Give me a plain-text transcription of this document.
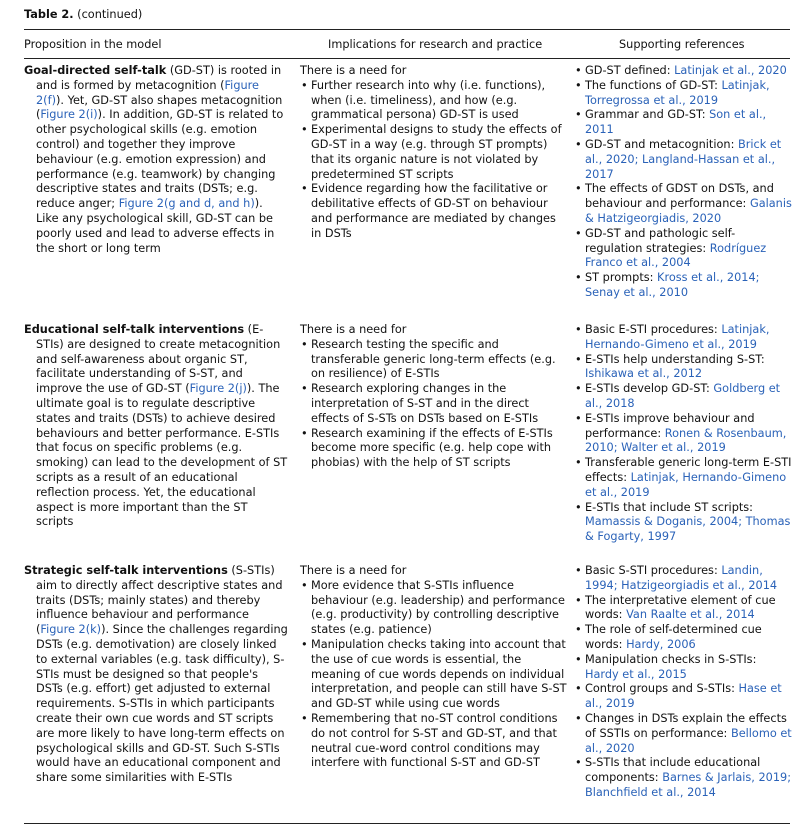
Table 2. (continued)
Proposition in the model	Implications for research and practice	Supporting references
Goal-directed self-talk (GD-ST) is rooted in and is formed by metacognition (Figure 2(f)). Yet, GD-ST also shapes metacognition (Figure 2(i)). In addition, GD-ST is related to other psychological skills (e.g. emotion control) and together they improve behaviour (e.g. emotion expression) and performance (e.g. teamwork) by changing descriptive states and traits (DSTs; e.g. reduce anger; Figure 2(g and d, and h)). Like any psychological skill, GD-ST can be poorly used and lead to adverse effects in the short or long term
There is a need for
• Further research into why (i.e. functions), when (i.e. timeliness), and how (e.g. grammatical persona) GD-ST is used
• Experimental designs to study the effects of GD-ST in a way (e.g. through ST prompts) that its organic nature is not violated by predetermined ST scripts
• Evidence regarding how the facilitative or debilitative effects of GD-ST on behaviour and performance are mediated by changes in DSTs
• GD-ST defined: Latinjak et al., 2020
• The functions of GD-ST: Latinjak, Torregrossa et al., 2019
• Grammar and GD-ST: Son et al., 2011
• GD-ST and metacognition: Brick et al., 2020; Langland-Hassan et al., 2017
• The effects of GDST on DSTs, and behaviour and performance: Galanis & Hatzigeorgiadis, 2020
• GD-ST and pathologic self-regulation strategies: Rodríguez Franco et al., 2004
• ST prompts: Kross et al., 2014; Senay et al., 2010
Educational self-talk interventions (E-STIs) are designed to create metacognition and self-awareness about organic ST, facilitate understanding of S-ST, and improve the use of GD-ST (Figure 2(j)). The ultimate goal is to regulate descriptive states and traits (DSTs) to achieve desired behaviours and better performance. E-STIs that focus on specific problems (e.g. smoking) can lead to the development of ST scripts as a result of an educational reflection process. Yet, the educational aspect is more important than the ST scripts
There is a need for
• Research testing the specific and transferable generic long-term effects (e.g. on resilience) of E-STIs
• Research exploring changes in the interpretation of S-ST and in the direct effects of S-STs on DSTs based on E-STIs
• Research examining if the effects of E-STIs become more specific (e.g. help cope with phobias) with the help of ST scripts
• Basic E-STI procedures: Latinjak, Hernando-Gimeno et al., 2019
• E-STIs help understanding S-ST: Ishikawa et al., 2012
• E-STIs develop GD-ST: Goldberg et al., 2018
• E-STIs improve behaviour and performance: Ronen & Rosenbaum, 2010; Walter et al., 2019
• Transferable generic long-term E-STI effects: Latinjak, Hernando-Gimeno et al., 2019
• E-STIs that include ST scripts: Mamassis & Doganis, 2004; Thomas & Fogarty, 1997
Strategic self-talk interventions (S-STIs) aim to directly affect descriptive states and traits (DSTs; mainly states) and thereby influence behaviour and performance (Figure 2(k)). Since the challenges regarding DSTs (e.g. demotivation) are closely linked to external variables (e.g. task difficulty), S-STIs must be designed so that people's DSTs (e.g. effort) get adjusted to external requirements. S-STIs in which participants create their own cue words and ST scripts are more likely to have long-term effects on psychological skills and GD-ST. Such S-STIs would have an educational component and share some similarities with E-STIs
There is a need for
• More evidence that S-STIs influence behaviour (e.g. leadership) and performance (e.g. productivity) by controlling descriptive states (e.g. patience)
• Manipulation checks taking into account that the use of cue words is essential, the meaning of cue words depends on individual interpretation, and people can still have S-ST and GD-ST while using cue words
• Remembering that no-ST control conditions do not control for S-ST and GD-ST, and that neutral cue-word control conditions may interfere with functional S-ST and GD-ST
• Basic S-STI procedures: Landin, 1994; Hatzigeorgiadis et al., 2014
• The interpretative element of cue words: Van Raalte et al., 2014
• The role of self-determined cue words: Hardy, 2006
• Manipulation checks in S-STIs: Hardy et al., 2015
• Control groups and S-STIs: Hase et al., 2019
• Changes in DSTs explain the effects of SSTIs on performance: Bellomo et al., 2020
• S-STIs that include educational components: Barnes & Jarlais, 2019; Blanchfield et al., 2014
